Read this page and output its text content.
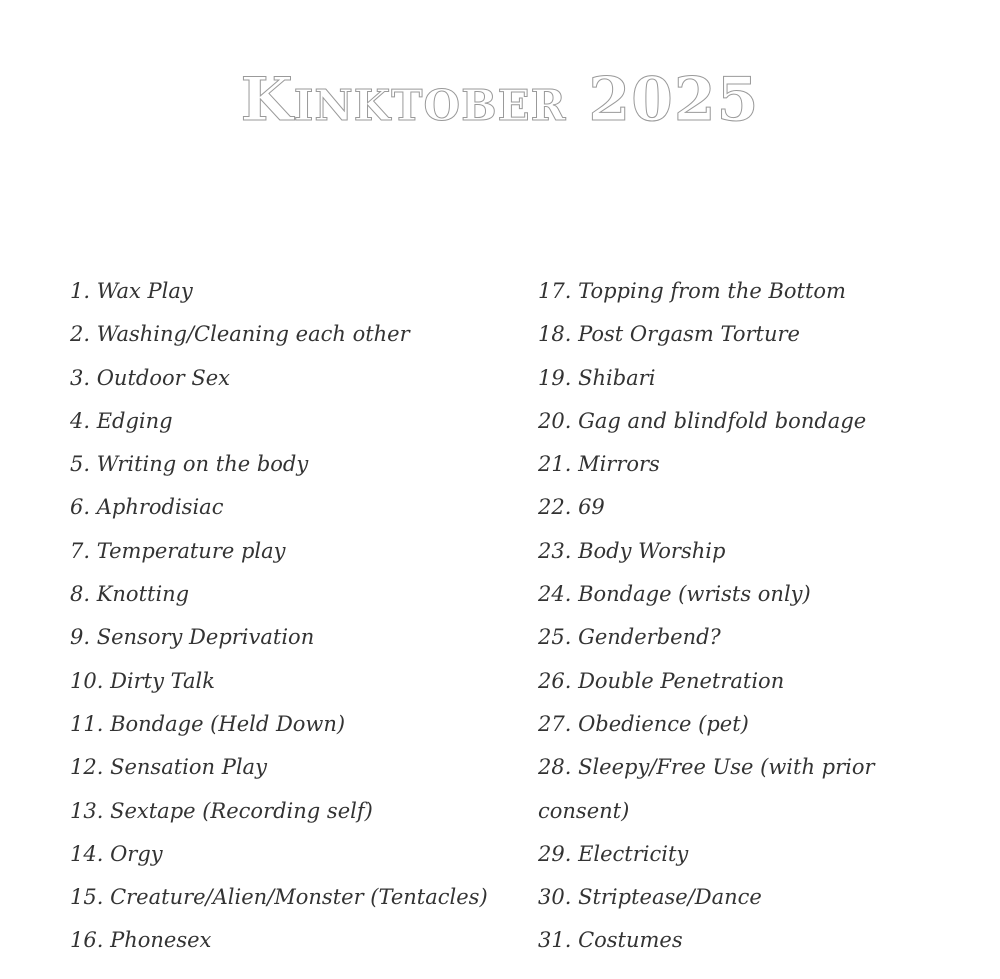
Kinktober 2025
1. Wax Play
2. Washing/Cleaning each other
3. Outdoor Sex
4. Edging
5. Writing on the body
6. Aphrodisiac
7. Temperature play
8. Knotting
9. Sensory Deprivation
10. Dirty Talk
11. Bondage (Held Down)
12. Sensation Play
13. Sextape (Recording self)
14. Orgy
15. Creature/Alien/Monster (Tentacles)
16. Phonesex
17. Topping from the Bottom
18. Post Orgasm Torture
19. Shibari
20. Gag and blindfold bondage
21. Mirrors
22. 69
23. Body Worship
24. Bondage (wrists only)
25. Genderbend?
26. Double Penetration
27. Obedience (pet)
28. Sleepy/Free Use (with prior
consent)
29. Electricity
30. Striptease/Dance
31. Costumes
